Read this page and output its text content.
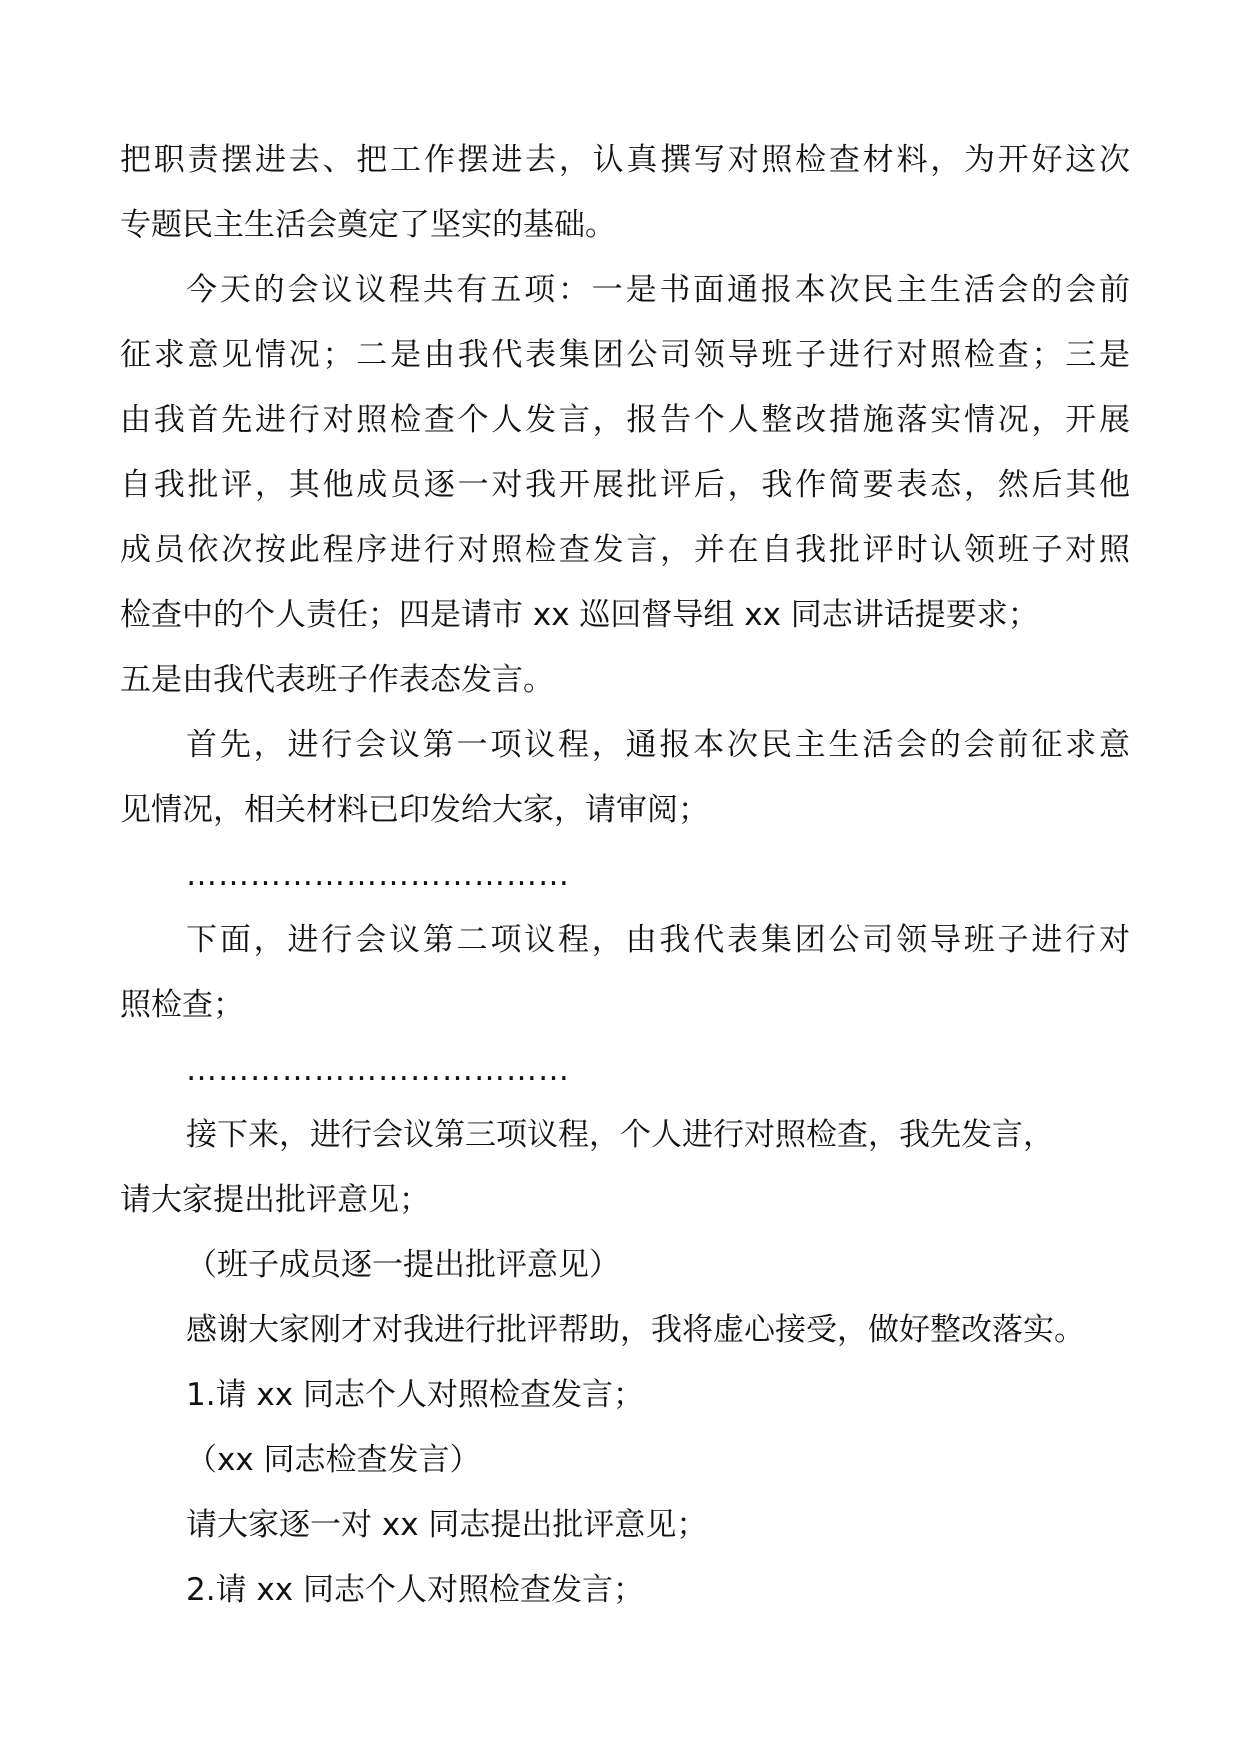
把职责摆进去、把工作摆进去，认真撰写对照检查材料，为开好这次
专题民主生活会奠定了坚实的基础。
今天的会议议程共有五项：一是书面通报本次民主生活会的会前
征求意见情况；二是由我代表集团公司领导班子进行对照检查；三是
由我首先进行对照检查个人发言，报告个人整改措施落实情况，开展
自我批评，其他成员逐一对我开展批评后，我作简要表态，然后其他
成员依次按此程序进行对照检查发言，并在自我批评时认领班子对照
检查中的个人责任；四是请市 xx 巡回督导组 xx 同志讲话提要求；
五是由我代表班子作表态发言。
首先，进行会议第一项议程，通报本次民主生活会的会前征求意
见情况，相关材料已印发给大家，请审阅；
………………………………
下面，进行会议第二项议程，由我代表集团公司领导班子进行对
照检查；
………………………………
接下来，进行会议第三项议程，个人进行对照检查，我先发言，
请大家提出批评意见；
（班子成员逐一提出批评意见）
感谢大家刚才对我进行批评帮助，我将虚心接受，做好整改落实。
1.请 xx 同志个人对照检查发言；
（xx 同志检查发言）
请大家逐一对 xx 同志提出批评意见；
2.请 xx 同志个人对照检查发言；
